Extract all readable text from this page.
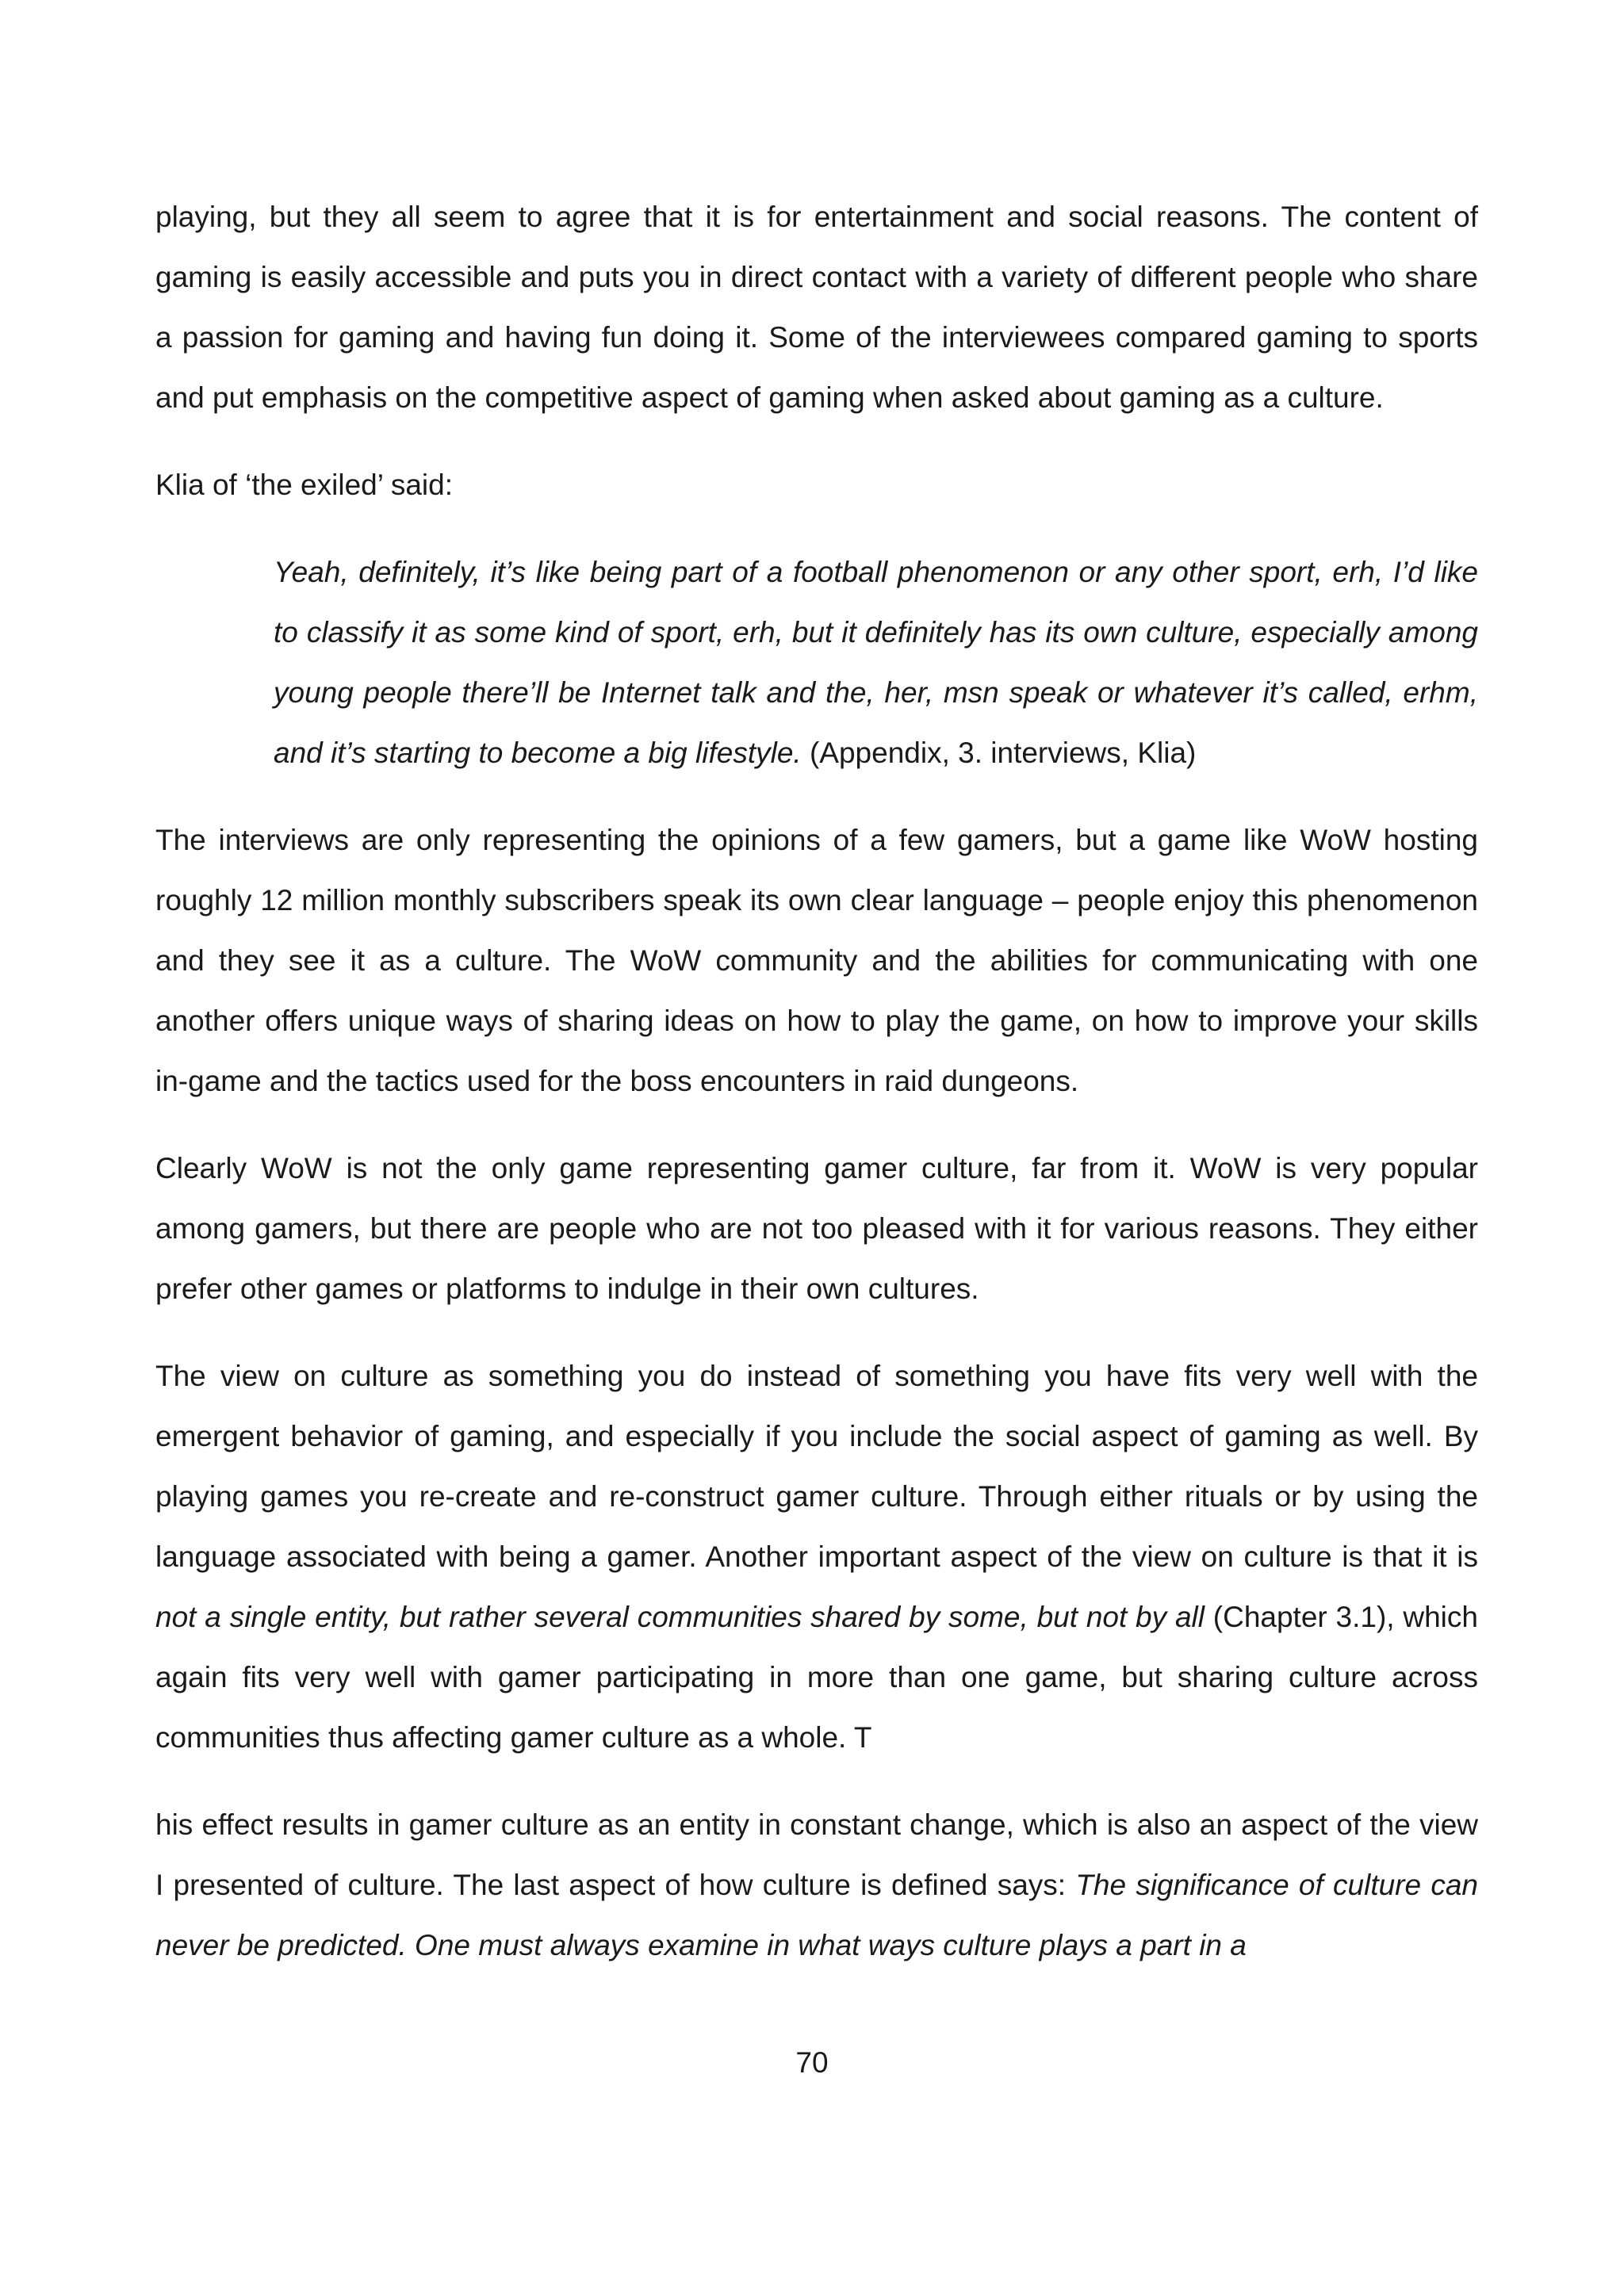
playing, but they all seem to agree that it is for entertainment and social reasons. The content of gaming is easily accessible and puts you in direct contact with a variety of different people who share a passion for gaming and having fun doing it. Some of the interviewees compared gaming to sports and put emphasis on the competitive aspect of gaming when asked about gaming as a culture.

Klia of ‘the exiled’ said:

Yeah, definitely, it’s like being part of a football phenomenon or any other sport, erh, I’d like to classify it as some kind of sport, erh, but it definitely has its own culture, especially among young people there’ll be Internet talk and the, her, msn speak or whatever it’s called, erhm, and it’s starting to become a big lifestyle. (Appendix, 3. interviews, Klia)

The interviews are only representing the opinions of a few gamers, but a game like WoW hosting roughly 12 million monthly subscribers speak its own clear language – people enjoy this phenomenon and they see it as a culture. The WoW community and the abilities for communicating with one another offers unique ways of sharing ideas on how to play the game, on how to improve your skills in-game and the tactics used for the boss encounters in raid dungeons.

Clearly WoW is not the only game representing gamer culture, far from it. WoW is very popular among gamers, but there are people who are not too pleased with it for various reasons. They either prefer other games or platforms to indulge in their own cultures.

The view on culture as something you do instead of something you have fits very well with the emergent behavior of gaming, and especially if you include the social aspect of gaming as well. By playing games you re-create and re-construct gamer culture. Through either rituals or by using the language associated with being a gamer. Another important aspect of the view on culture is that it is not a single entity, but rather several communities shared by some, but not by all (Chapter 3.1), which again fits very well with gamer participating in more than one game, but sharing culture across communities thus affecting gamer culture as a whole. T

his effect results in gamer culture as an entity in constant change, which is also an aspect of the view I presented of culture. The last aspect of how culture is defined says: The significance of culture can never be predicted. One must always examine in what ways culture plays a part in a

70
